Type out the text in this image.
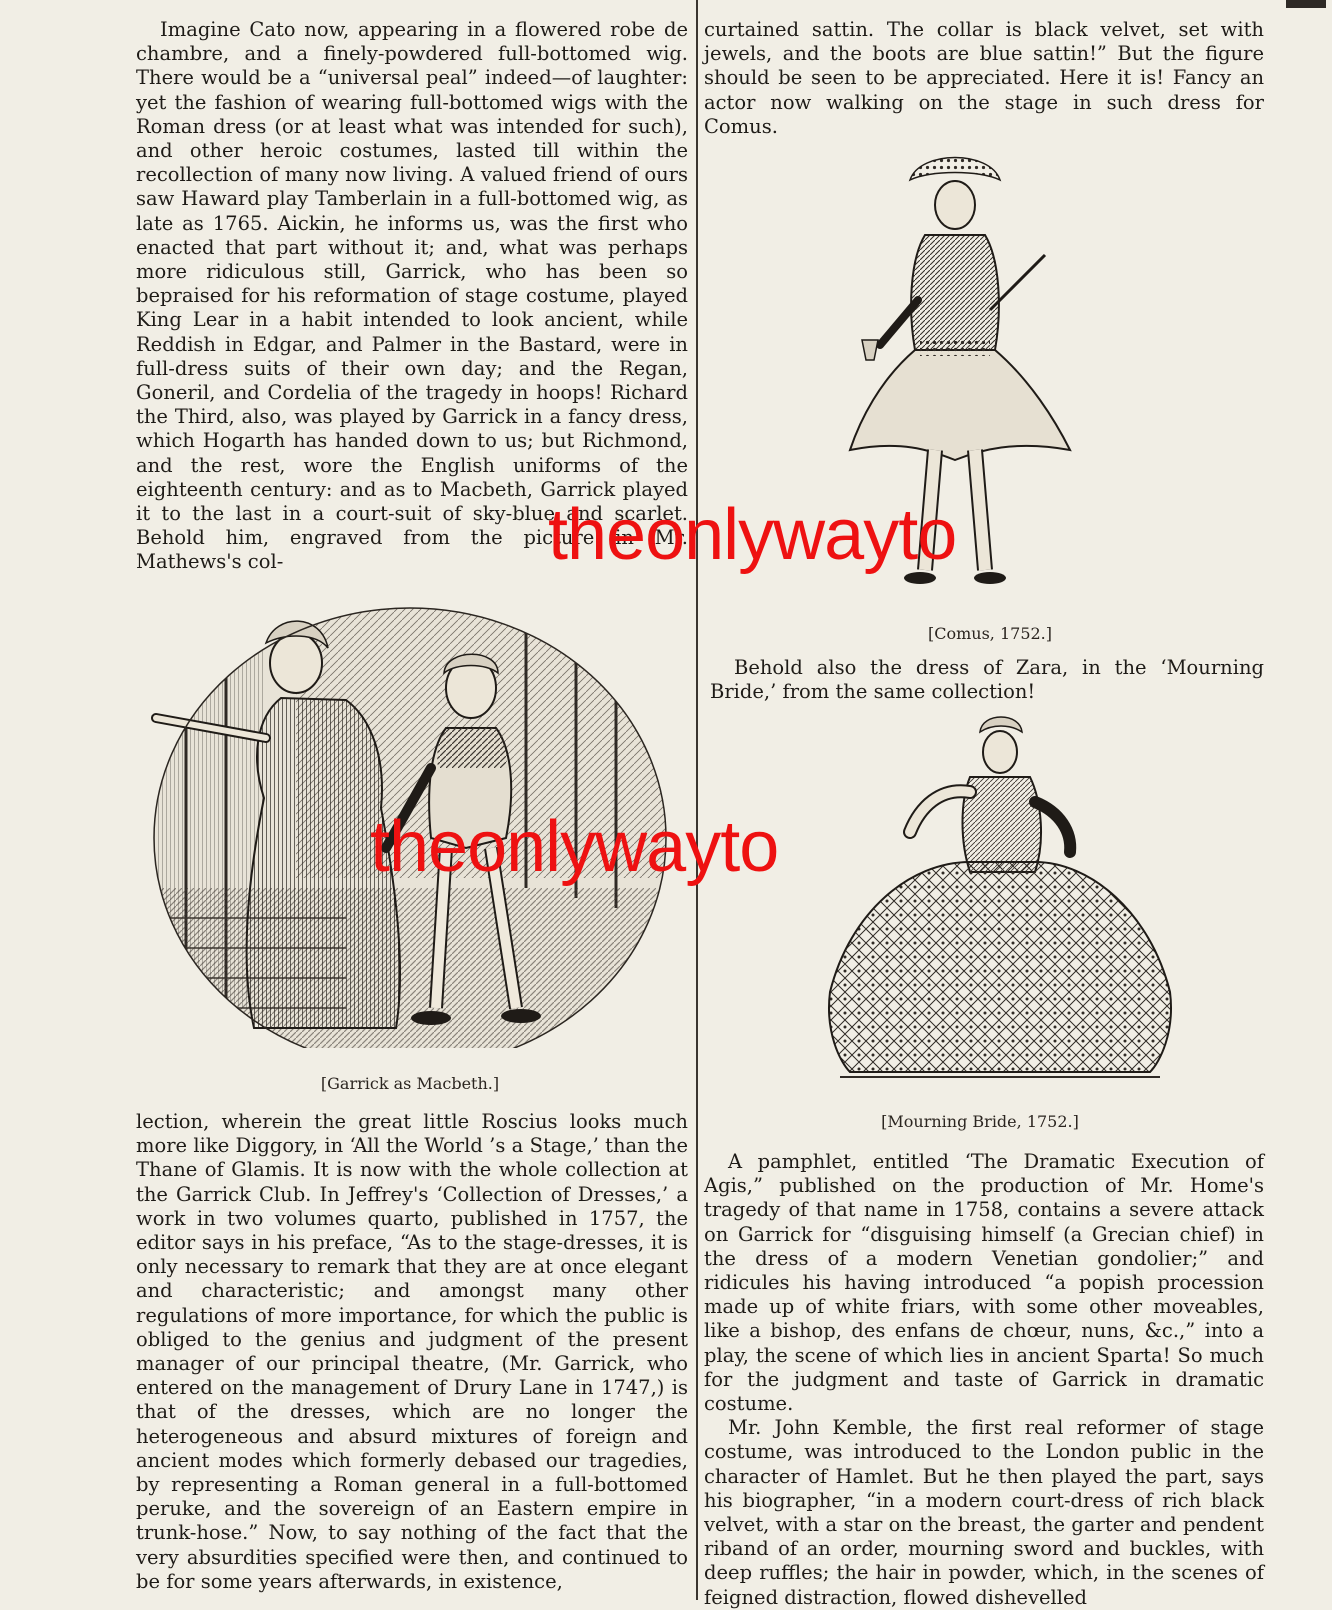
Imagine Cato now, appearing in a flowered robe de chambre, and a finely-powdered full-bottomed wig. There would be a “universal peal” indeed—of laughter: yet the fashion of wearing full-bottomed wigs with the Roman dress (or at least what was intended for such), and other heroic costumes, lasted till within the recollection of many now living. A valued friend of ours saw Haward play Tamberlain in a full-bottomed wig, as late as 1765. Aickin, he informs us, was the first who enacted that part without it; and, what was perhaps more ridiculous still, Garrick, who has been so bepraised for his reformation of stage costume, played King Lear in a habit intended to look ancient, while Reddish in Edgar, and Palmer in the Bastard, were in full-dress suits of their own day; and the Regan, Goneril, and Cordelia of the tragedy in hoops! Richard the Third, also, was played by Garrick in a fancy dress, which Hogarth has handed down to us; but Richmond, and the rest, wore the English uniforms of the eighteenth century: and as to Macbeth, Garrick played it to the last in a court-suit of sky-blue and scarlet. Behold him, engraved from the picture in Mr. Mathews's col-

[Garrick as Macbeth.]

lection, wherein the great little Roscius looks much more like Diggory, in ‘All the World ’s a Stage,’ than the Thane of Glamis. It is now with the whole collection at the Garrick Club. In Jeffrey's ‘Collection of Dresses,’ a work in two volumes quarto, published in 1757, the editor says in his preface, “As to the stage-dresses, it is only necessary to remark that they are at once elegant and characteristic; and amongst many other regulations of more importance, for which the public is obliged to the genius and judgment of the present manager of our principal theatre, (Mr. Garrick, who entered on the management of Drury Lane in 1747,) is that of the dresses, which are no longer the heterogeneous and absurd mixtures of foreign and ancient modes which formerly debased our tragedies, by representing a Roman general in a full-bottomed peruke, and the sovereign of an Eastern empire in trunk-hose.” Now, to say nothing of the fact that the very absurdities specified were then, and continued to be for some years afterwards, in existence,

curtained sattin. The collar is black velvet, set with jewels, and the boots are blue sattin!” But the figure should be seen to be appreciated. Here it is! Fancy an actor now walking on the stage in such dress for Comus.

[Comus, 1752.]

Behold also the dress of Zara, in the ‘Mourning Bride,’ from the same collection!

[Mourning Bride, 1752.]

A pamphlet, entitled ‘The Dramatic Execution of Agis,” published on the production of Mr. Home's tragedy of that name in 1758, contains a severe attack on Garrick for “disguising himself (a Grecian chief) in the dress of a modern Venetian gondolier;” and ridicules his having introduced “a popish procession made up of white friars, with some other moveables, like a bishop, des enfans de chœur, nuns, &c.,” into a play, the scene of which lies in ancient Sparta! So much for the judgment and taste of Garrick in dramatic costume.

Mr. John Kemble, the first real reformer of stage costume, was introduced to the London public in the character of Hamlet. But he then played the part, says his biographer, “in a modern court-dress of rich black velvet, with a star on the breast, the garter and pendent riband of an order, mourning sword and buckles, with deep ruffles; the hair in powder, which, in the scenes of feigned distraction, flowed dishevelled

theonlywayto
theonlywayto
